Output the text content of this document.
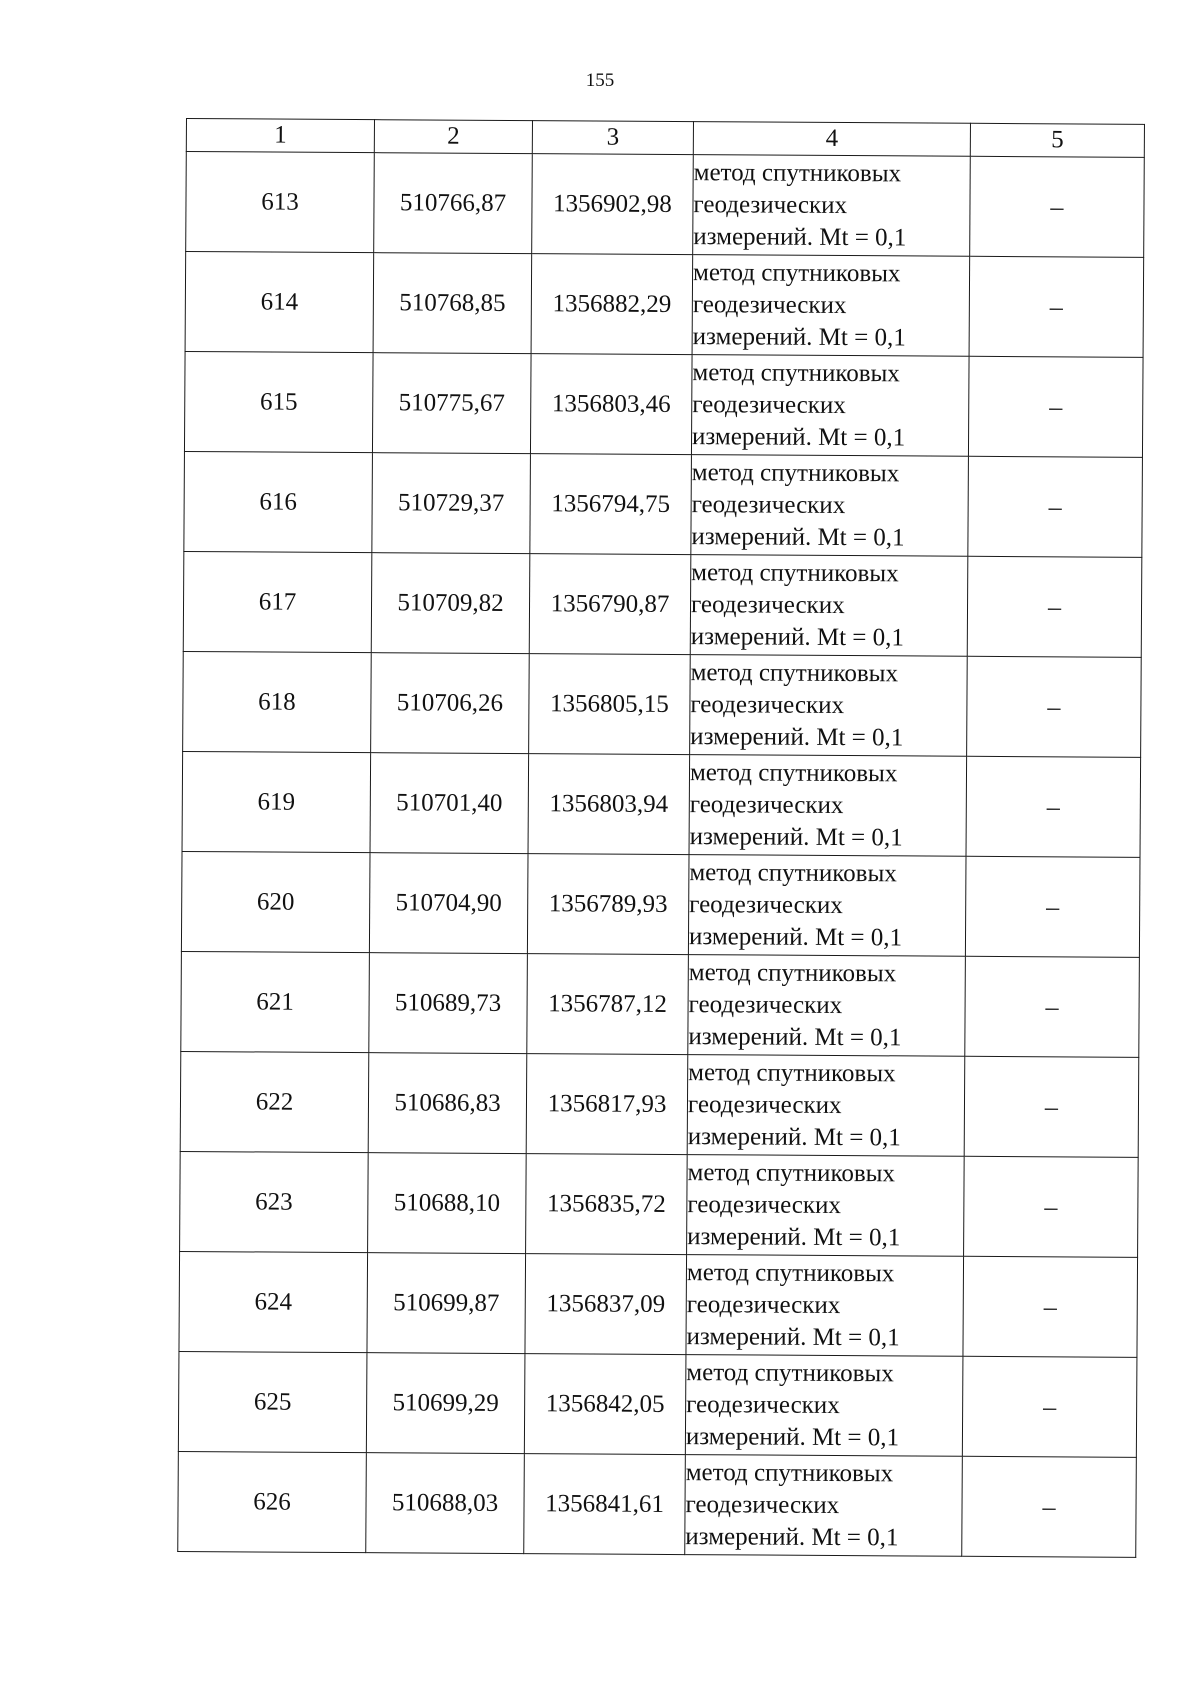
155
1	2	3	4	5
613	510766,87	1356902,98	метод спутниковых
геодезических
измерений. Mt = 0,1	–
614	510768,85	1356882,29	метод спутниковых
геодезических
измерений. Mt = 0,1	–
615	510775,67	1356803,46	метод спутниковых
геодезических
измерений. Mt = 0,1	–
616	510729,37	1356794,75	метод спутниковых
геодезических
измерений. Mt = 0,1	–
617	510709,82	1356790,87	метод спутниковых
геодезических
измерений. Mt = 0,1	–
618	510706,26	1356805,15	метод спутниковых
геодезических
измерений. Mt = 0,1	–
619	510701,40	1356803,94	метод спутниковых
геодезических
измерений. Mt = 0,1	–
620	510704,90	1356789,93	метод спутниковых
геодезических
измерений. Mt = 0,1	–
621	510689,73	1356787,12	метод спутниковых
геодезических
измерений. Mt = 0,1	–
622	510686,83	1356817,93	метод спутниковых
геодезических
измерений. Mt = 0,1	–
623	510688,10	1356835,72	метод спутниковых
геодезических
измерений. Mt = 0,1	–
624	510699,87	1356837,09	метод спутниковых
геодезических
измерений. Mt = 0,1	–
625	510699,29	1356842,05	метод спутниковых
геодезических
измерений. Mt = 0,1	–
626	510688,03	1356841,61	метод спутниковых
геодезических
измерений. Mt = 0,1	–
